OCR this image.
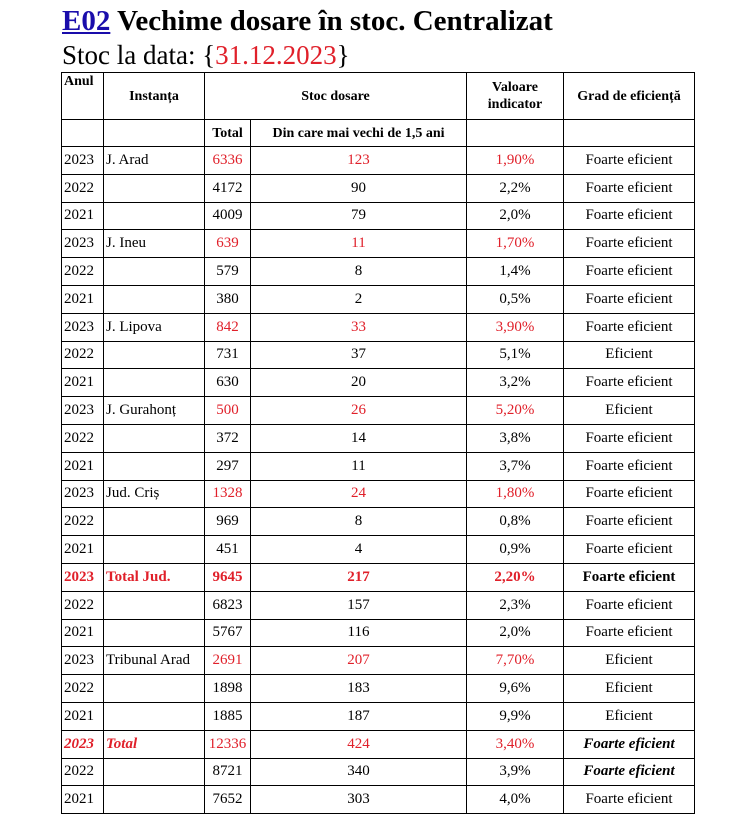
E02 Vechime dosare în stoc. Centralizat

Stoc la data: {31.12.2023}

Anul	Instanța	Stoc dosare		Valoare indicator	Grad de eficiență
		Total	Din care mai vechi de 1,5 ani		
2023	J. Arad	6336	123	1,90%	Foarte eficient
2022		4172	90	2,2%	Foarte eficient
2021		4009	79	2,0%	Foarte eficient
2023	J. Ineu	639	11	1,70%	Foarte eficient
2022		579	8	1,4%	Foarte eficient
2021		380	2	0,5%	Foarte eficient
2023	J. Lipova	842	33	3,90%	Foarte eficient
2022		731	37	5,1%	Eficient
2021		630	20	3,2%	Foarte eficient
2023	J. Gurahonț	500	26	5,20%	Eficient
2022		372	14	3,8%	Foarte eficient
2021		297	11	3,7%	Foarte eficient
2023	Jud. Criș	1328	24	1,80%	Foarte eficient
2022		969	8	0,8%	Foarte eficient
2021		451	4	0,9%	Foarte eficient
2023	Total Jud.	9645	217	2,20%	Foarte eficient
2022		6823	157	2,3%	Foarte eficient
2021		5767	116	2,0%	Foarte eficient
2023	Tribunal Arad	2691	207	7,70%	Eficient
2022		1898	183	9,6%	Eficient
2021		1885	187	9,9%	Eficient
2023	Total	12336	424	3,40%	Foarte eficient
2022		8721	340	3,9%	Foarte eficient
2021		7652	303	4,0%	Foarte eficient
